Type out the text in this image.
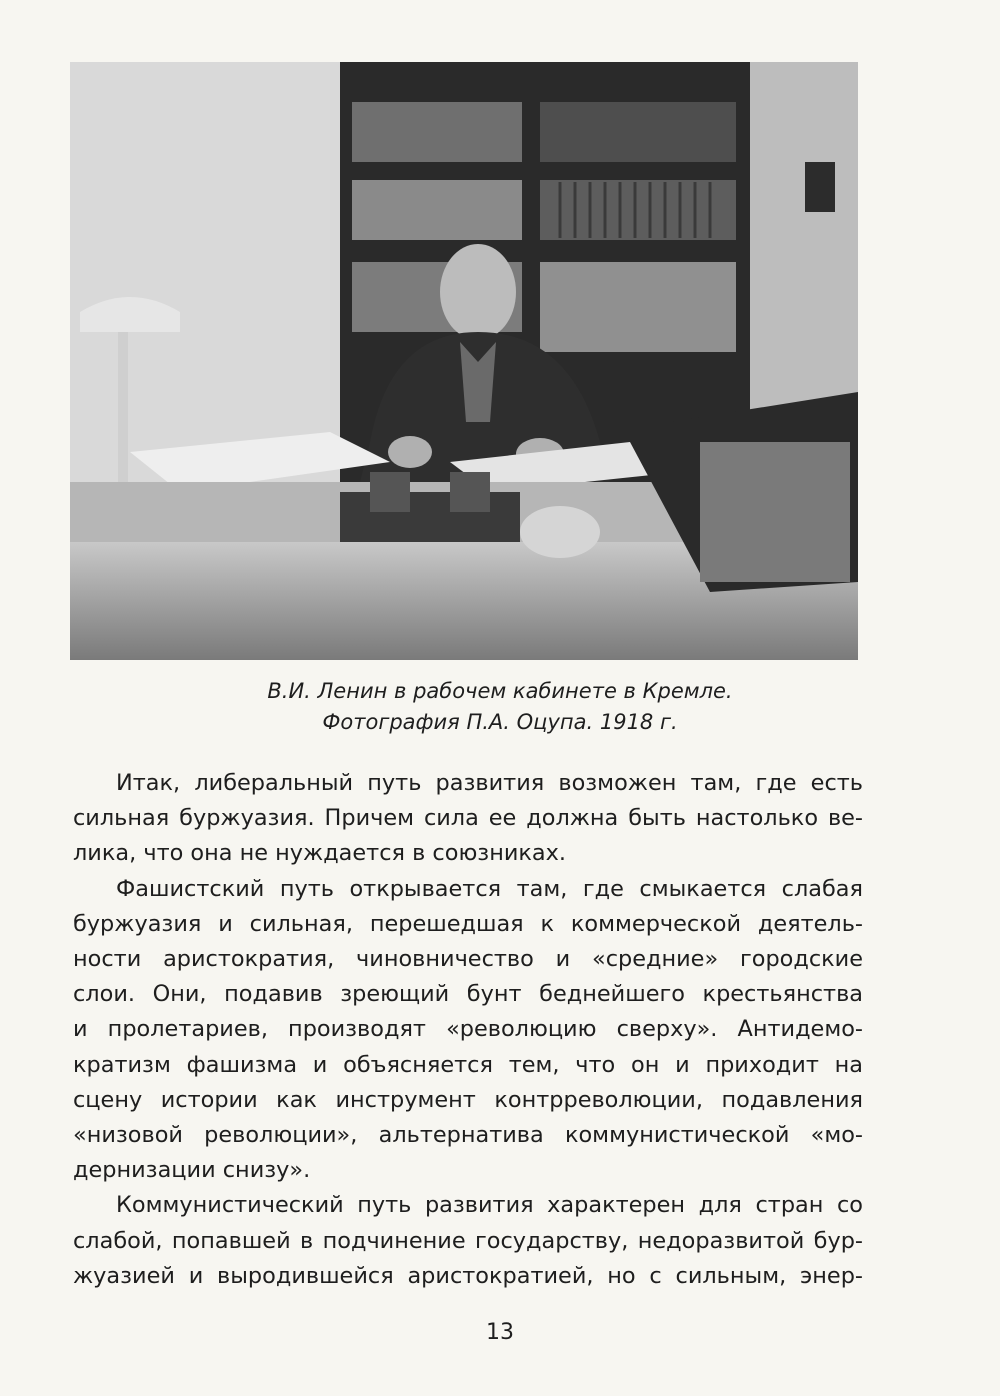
В.И. Ленин в рабочем кабинете в Кремле.
Фотография П.А. Оцупа. 1918 г.
Итак, либеральный путь развития возможен там, где есть
сильная буржуазия. Причем сила ее должна быть настолько ве-
лика, что она не нуждается в союзниках.
Фашистский путь открывается там, где смыкается слабая
буржуазия и сильная, перешедшая к коммерческой деятель-
ности аристократия, чиновничество и «средние» городские
слои. Они, подавив зреющий бунт беднейшего крестьянства
и пролетариев, производят «революцию сверху». Антидемо-
кратизм фашизма и объясняется тем, что он и приходит на
сцену истории как инструмент контрреволюции, подавления
«низовой революции», альтернатива коммунистической «мо-
дернизации снизу».
Коммунистический путь развития характерен для стран со
слабой, попавшей в подчинение государству, недоразвитой бур-
жуазией и выродившейся аристократией, но с сильным, энер-
13
